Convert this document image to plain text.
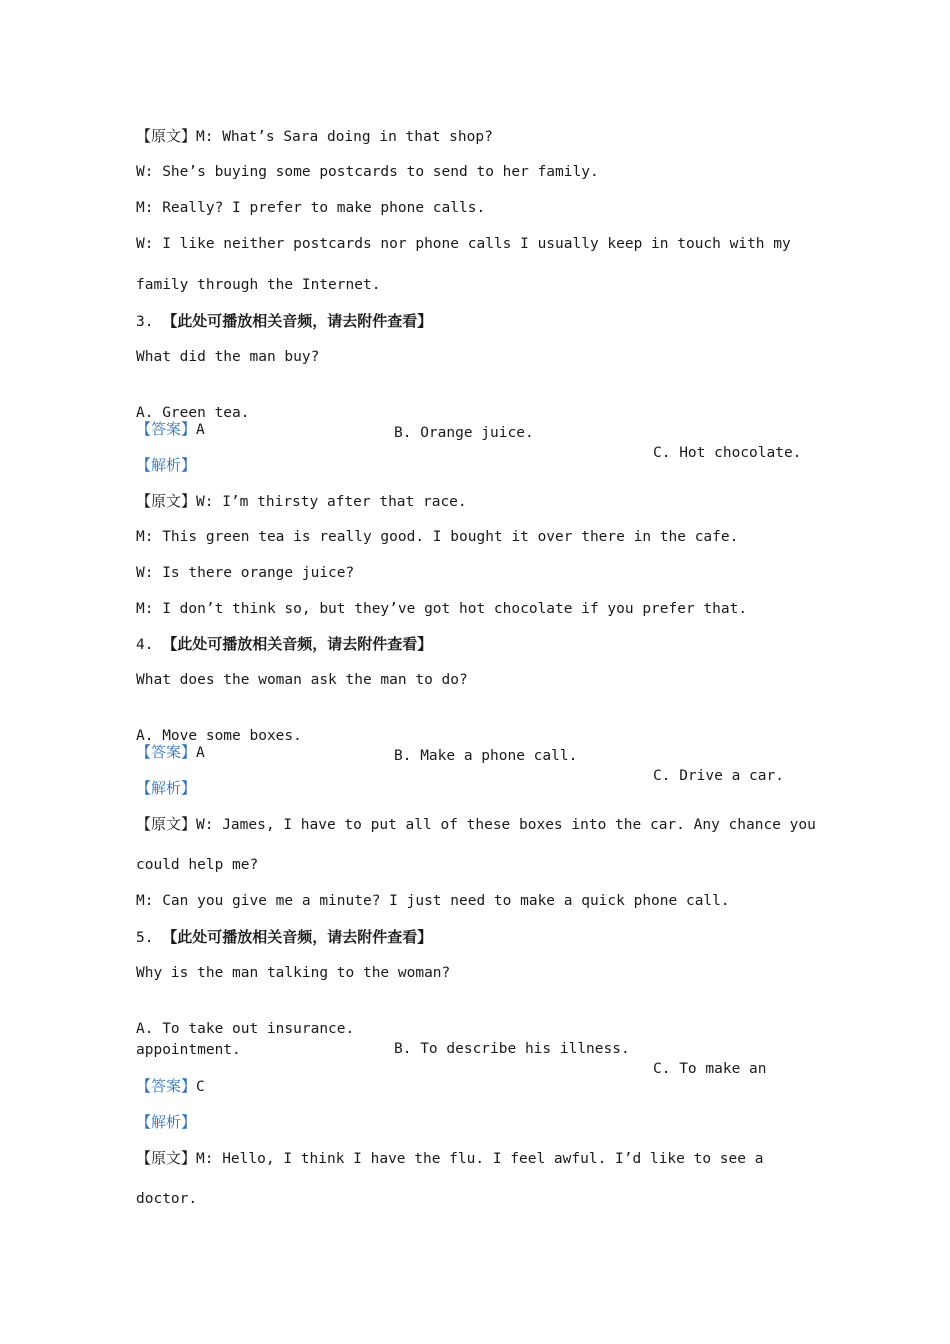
【原文】M: What’s Sara doing in that shop?
W: She’s buying some postcards to send to her family.
M: Really? I prefer to make phone calls.
W: I like neither postcards nor phone calls I usually keep in touch with my
family through the Internet.
3. 【此处可播放相关音频，请去附件查看】
What did the man buy?

A. Green tea.

B. Orange juice.

C. Hot chocolate.

【答案】A
【解析】
【原文】W: I’m thirsty after that race.
M: This green tea is really good. I bought it over there in the cafe.
W: Is there orange juice?
M: I don’t think so, but they’ve got hot chocolate if you prefer that.
4. 【此处可播放相关音频，请去附件查看】
What does the woman ask the man to do?

A. Move some boxes.

B. Make a phone call.

C. Drive a car.

【答案】A
【解析】
【原文】W: James, I have to put all of these boxes into the car. Any chance you
could help me?
M: Can you give me a minute? I just need to make a quick phone call.
5. 【此处可播放相关音频，请去附件查看】
Why is the man talking to the woman?

A. To take out insurance.

B. To describe his illness.

C. To make an

appointment.
【答案】C
【解析】
【原文】M: Hello, I think I have the flu. I feel awful. I’d like to see a
doctor.
